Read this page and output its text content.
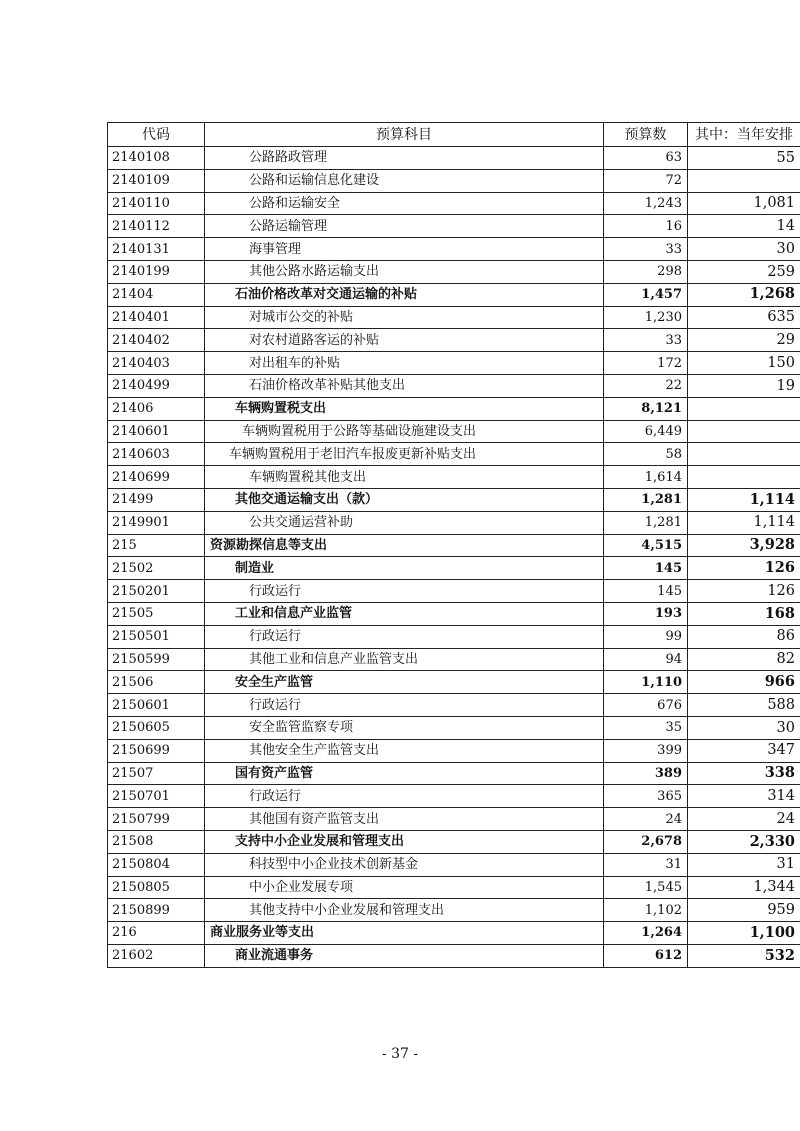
代码	预算科目	预算数	其中：当年安排
2140108	公路路政管理	63	55
2140109	公路和运输信息化建设	72	
2140110	公路和运输安全	1,243	1,081
2140112	公路运输管理	16	14
2140131	海事管理	33	30
2140199	其他公路水路运输支出	298	259
21404	石油价格改革对交通运输的补贴	1,457	1,268
2140401	对城市公交的补贴	1,230	635
2140402	对农村道路客运的补贴	33	29
2140403	对出租车的补贴	172	150
2140499	石油价格改革补贴其他支出	22	19
21406	车辆购置税支出	8,121	
2140601	车辆购置税用于公路等基础设施建设支出	6,449	
2140603	车辆购置税用于老旧汽车报废更新补贴支出	58	
2140699	车辆购置税其他支出	1,614	
21499	其他交通运输支出（款）	1,281	1,114
2149901	公共交通运营补助	1,281	1,114
215	资源勘探信息等支出	4,515	3,928
21502	制造业	145	126
2150201	行政运行	145	126
21505	工业和信息产业监管	193	168
2150501	行政运行	99	86
2150599	其他工业和信息产业监管支出	94	82
21506	安全生产监管	1,110	966
2150601	行政运行	676	588
2150605	安全监管监察专项	35	30
2150699	其他安全生产监管支出	399	347
21507	国有资产监管	389	338
2150701	行政运行	365	314
2150799	其他国有资产监管支出	24	24
21508	支持中小企业发展和管理支出	2,678	2,330
2150804	科技型中小企业技术创新基金	31	31
2150805	中小企业发展专项	1,545	1,344
2150899	其他支持中小企业发展和管理支出	1,102	959
216	商业服务业等支出	1,264	1,100
21602	商业流通事务	612	532
- 37 -
